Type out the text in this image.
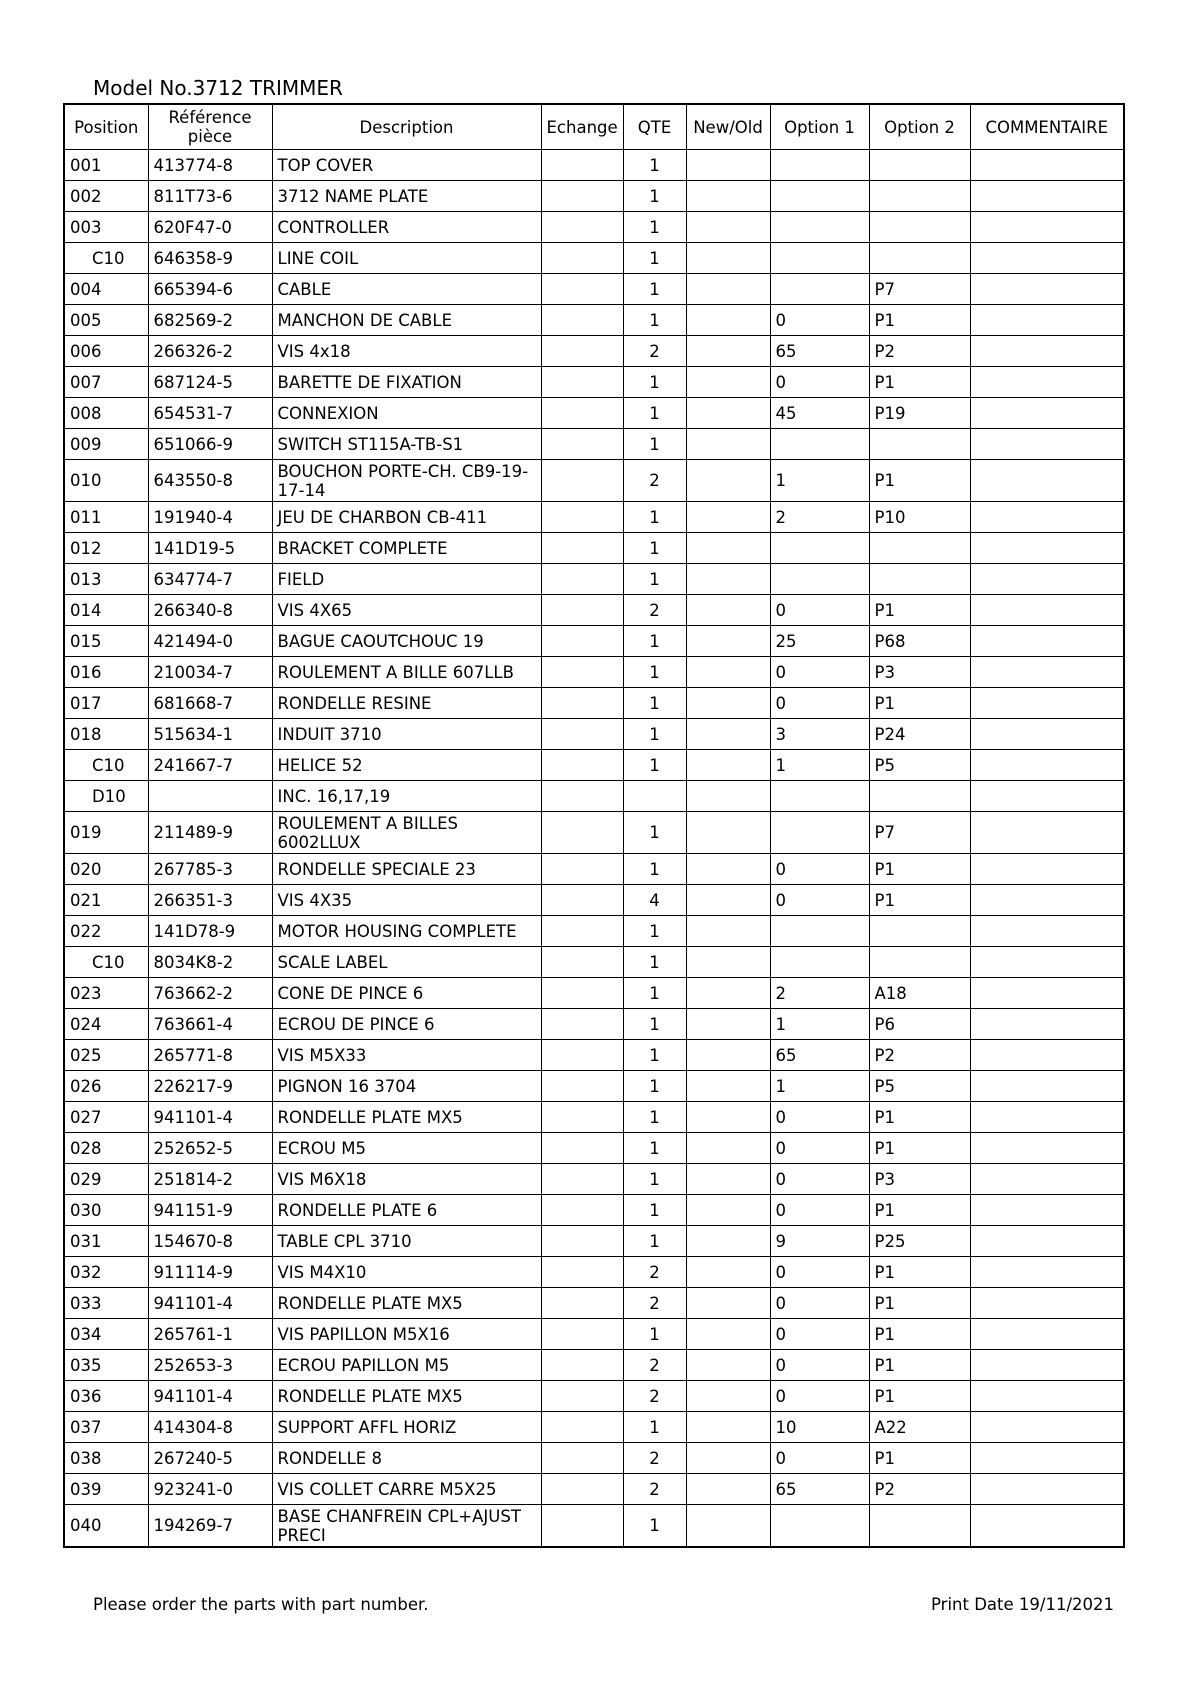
Model No.3712 TRIMMER
Position	Référence pièce	Description	Echange	QTE	New/Old	Option 1	Option 2	COMMENTAIRE
001	413774-8	TOP COVER		1				
002	811T73-6	3712 NAME PLATE		1				
003	620F47-0	CONTROLLER		1				
C10	646358-9	LINE COIL		1				
004	665394-6	CABLE		1			P7	
005	682569-2	MANCHON DE CABLE		1		0	P1	
006	266326-2	VIS 4x18		2		65	P2	
007	687124-5	BARETTE DE FIXATION		1		0	P1	
008	654531-7	CONNEXION		1		45	P19	
009	651066-9	SWITCH ST115A-TB-S1		1				
010	643550-8	BOUCHON PORTE-CH. CB9-19-17-14		2		1	P1	
011	191940-4	JEU DE CHARBON CB-411		1		2	P10	
012	141D19-5	BRACKET COMPLETE		1				
013	634774-7	FIELD		1				
014	266340-8	VIS 4X65		2		0	P1	
015	421494-0	BAGUE CAOUTCHOUC 19		1		25	P68	
016	210034-7	ROULEMENT A BILLE 607LLB		1		0	P3	
017	681668-7	RONDELLE RESINE		1		0	P1	
018	515634-1	INDUIT 3710		1		3	P24	
C10	241667-7	HELICE 52		1		1	P5	
D10		INC. 16,17,19						
019	211489-9	ROULEMENT A BILLES 6002LLUX		1			P7	
020	267785-3	RONDELLE SPECIALE 23		1		0	P1	
021	266351-3	VIS 4X35		4		0	P1	
022	141D78-9	MOTOR HOUSING COMPLETE		1				
C10	8034K8-2	SCALE LABEL		1				
023	763662-2	CONE DE PINCE 6		1		2	A18	
024	763661-4	ECROU DE PINCE 6		1		1	P6	
025	265771-8	VIS M5X33		1		65	P2	
026	226217-9	PIGNON 16 3704		1		1	P5	
027	941101-4	RONDELLE PLATE MX5		1		0	P1	
028	252652-5	ECROU M5		1		0	P1	
029	251814-2	VIS M6X18		1		0	P3	
030	941151-9	RONDELLE PLATE 6		1		0	P1	
031	154670-8	TABLE CPL 3710		1		9	P25	
032	911114-9	VIS M4X10		2		0	P1	
033	941101-4	RONDELLE PLATE MX5		2		0	P1	
034	265761-1	VIS PAPILLON M5X16		1		0	P1	
035	252653-3	ECROU PAPILLON M5		2		0	P1	
036	941101-4	RONDELLE PLATE MX5		2		0	P1	
037	414304-8	SUPPORT AFFL HORIZ		1		10	A22	
038	267240-5	RONDELLE 8		2		0	P1	
039	923241-0	VIS COLLET CARRE M5X25		2		65	P2	
040	194269-7	BASE CHANFREIN CPL+AJUST PRECI		1				
Please order the parts with part number.	Print Date 19/11/2021
